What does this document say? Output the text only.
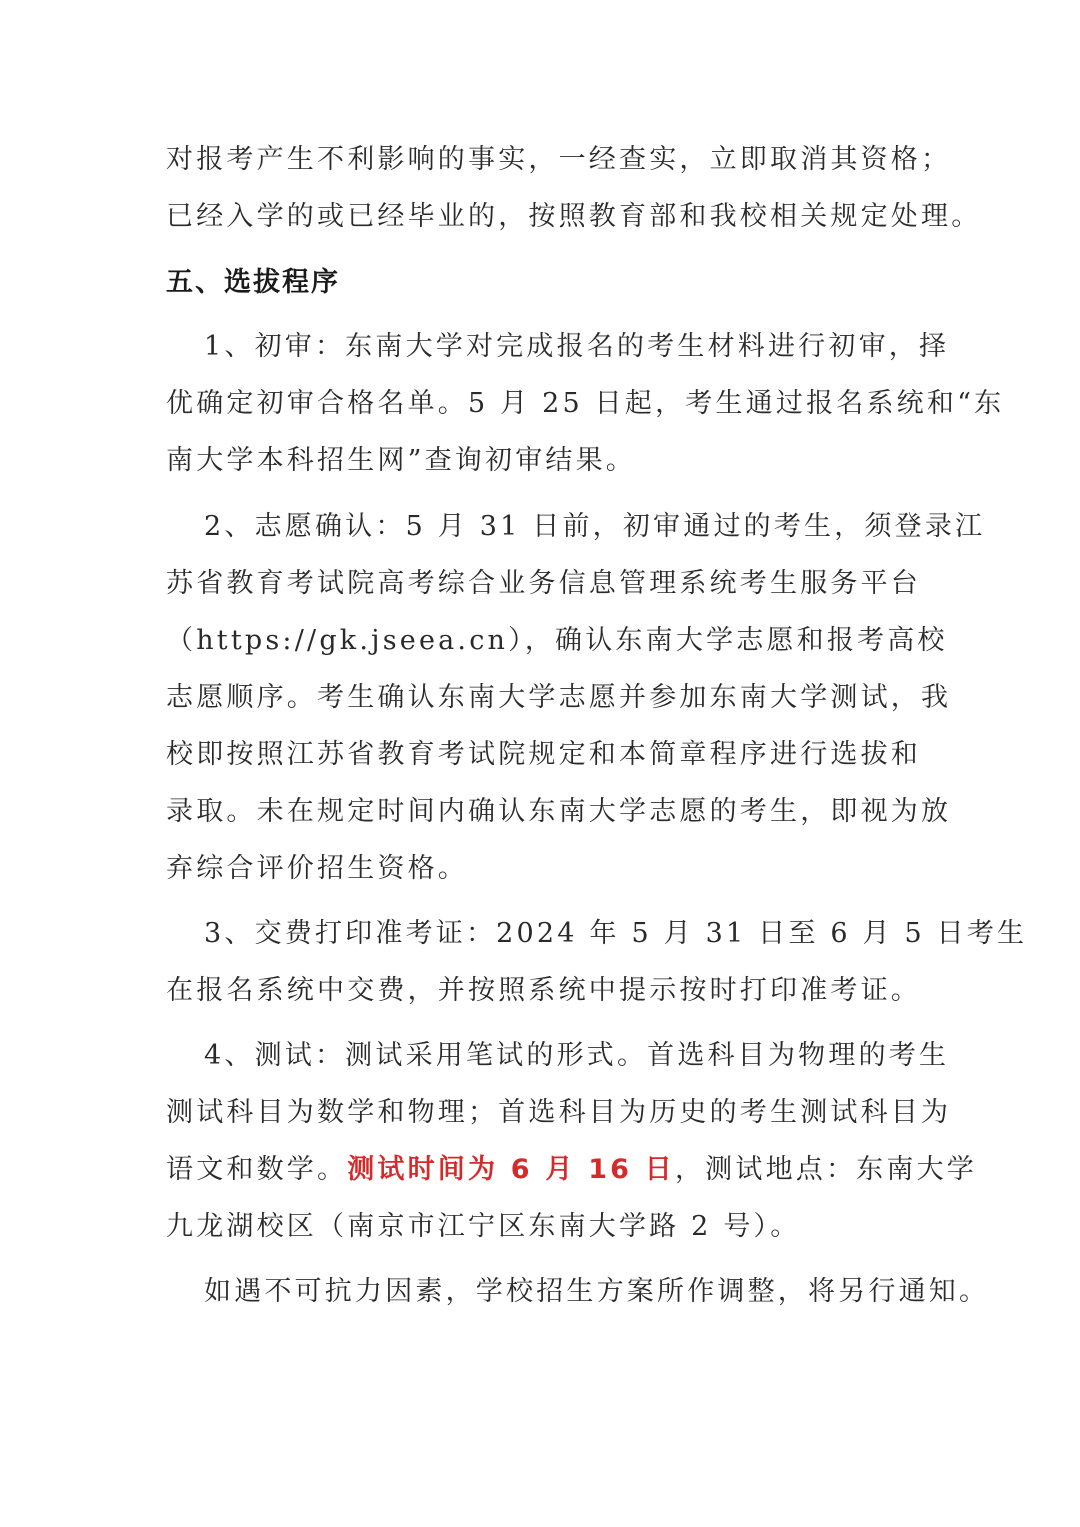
对报考产生不利影响的事实，一经查实，立即取消其资格；
已经入学的或已经毕业的，按照教育部和我校相关规定处理。
五、选拔程序
1、初审：东南大学对完成报名的考生材料进行初审，择
优确定初审合格名单。5 月 25 日起，考生通过报名系统和“东
南大学本科招生网”查询初审结果。
2、志愿确认：5 月 31 日前，初审通过的考生，须登录江
苏省教育考试院高考综合业务信息管理系统考生服务平台
（https://gk.jseea.cn），确认东南大学志愿和报考高校
志愿顺序。考生确认东南大学志愿并参加东南大学测试，我
校即按照江苏省教育考试院规定和本简章程序进行选拔和
录取。未在规定时间内确认东南大学志愿的考生，即视为放
弃综合评价招生资格。
3、交费打印准考证：2024 年 5 月 31 日至 6 月 5 日考生
在报名系统中交费，并按照系统中提示按时打印准考证。
4、测试：测试采用笔试的形式。首选科目为物理的考生
测试科目为数学和物理；首选科目为历史的考生测试科目为
语文和数学。测试时间为 6 月 16 日，测试地点：东南大学
九龙湖校区（南京市江宁区东南大学路 2 号）。
如遇不可抗力因素，学校招生方案所作调整，将另行通知。
